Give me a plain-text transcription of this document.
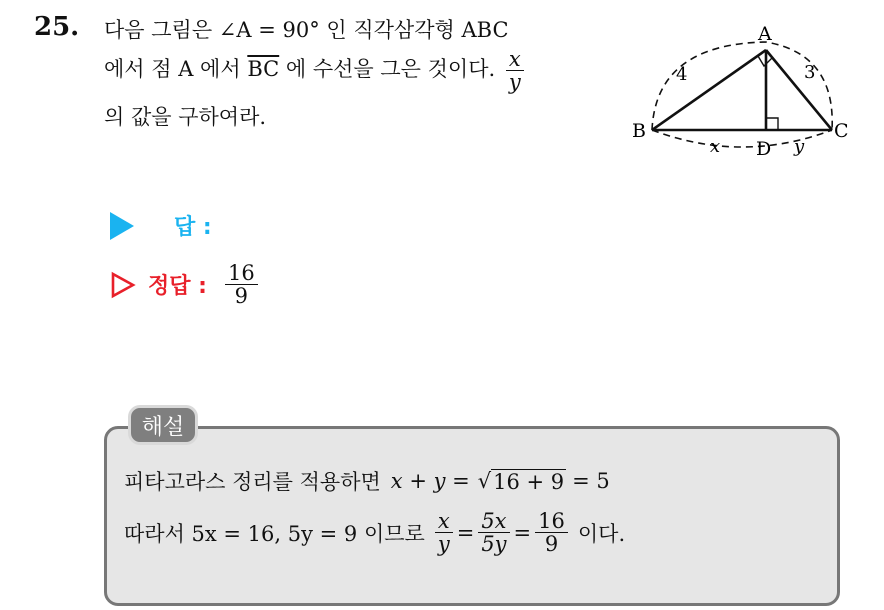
25. 다음 그림은 ∠A = 90° 인 직각삼각형 ABC
에서 점 A 에서 $\overline{BC}$ 에 수선을 그은 것이다. $\frac{x}{y}$
의 값을 구하여라.
A
B	C
D
4	3
x	y
답 :
정답 : $\frac{16}{9}$
해설
피타고라스 정리를 적용하면 x + y = √ 16 + 9 = 5
따라서 5x = 16, 5y = 9 이므로 $\frac{x}{y} = \frac{5x}{5y} = \frac{16}{9}$ 이다.
